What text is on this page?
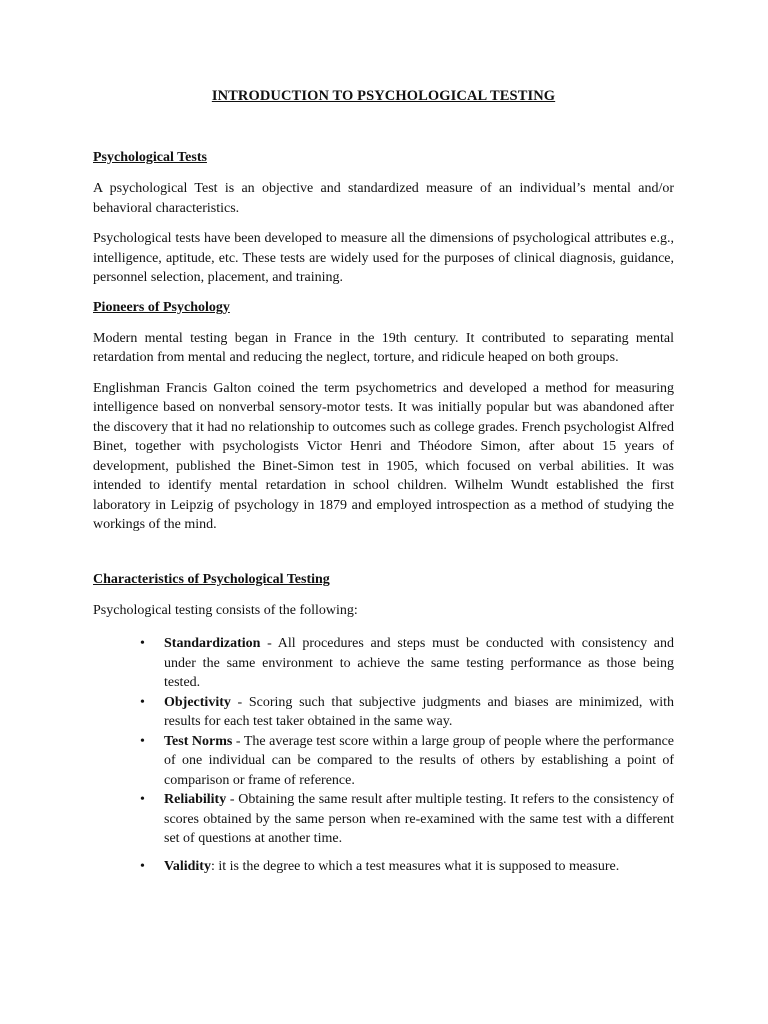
INTRODUCTION TO PSYCHOLOGICAL TESTING
Psychological Tests

A psychological Test is an objective and standardized measure of an individual’s mental and/or behavioral characteristics.

Psychological tests have been developed to measure all the dimensions of psychological attributes e.g., intelligence, aptitude, etc. These tests are widely used for the purposes of clinical diagnosis, guidance, personnel selection, placement, and training.

Pioneers of Psychology

Modern mental testing began in France in the 19th century. It contributed to separating mental retardation from mental and reducing the neglect, torture, and ridicule heaped on both groups.

Englishman Francis Galton coined the term psychometrics and developed a method for measuring intelligence based on nonverbal sensory-motor tests. It was initially popular but was abandoned after the discovery that it had no relationship to outcomes such as college grades. French psychologist Alfred Binet, together with psychologists Victor Henri and Théodore Simon, after about 15 years of development, published the Binet-Simon test in 1905, which focused on verbal abilities. It was intended to identify mental retardation in school children. Wilhelm Wundt established the first laboratory in Leipzig of psychology in 1879 and employed introspection as a method of studying the workings of the mind.

Characteristics of Psychological Testing

Psychological testing consists of the following:

• Standardization - All procedures and steps must be conducted with consistency and under the same environment to achieve the same testing performance as those being tested.
• Objectivity - Scoring such that subjective judgments and biases are minimized, with results for each test taker obtained in the same way.
• Test Norms - The average test score within a large group of people where the performance of one individual can be compared to the results of others by establishing a point of comparison or frame of reference.
• Reliability - Obtaining the same result after multiple testing. It refers to the consistency of scores obtained by the same person when re-examined with the same test with a different set of questions at another time.
• Validity: it is the degree to which a test measures what it is supposed to measure.
